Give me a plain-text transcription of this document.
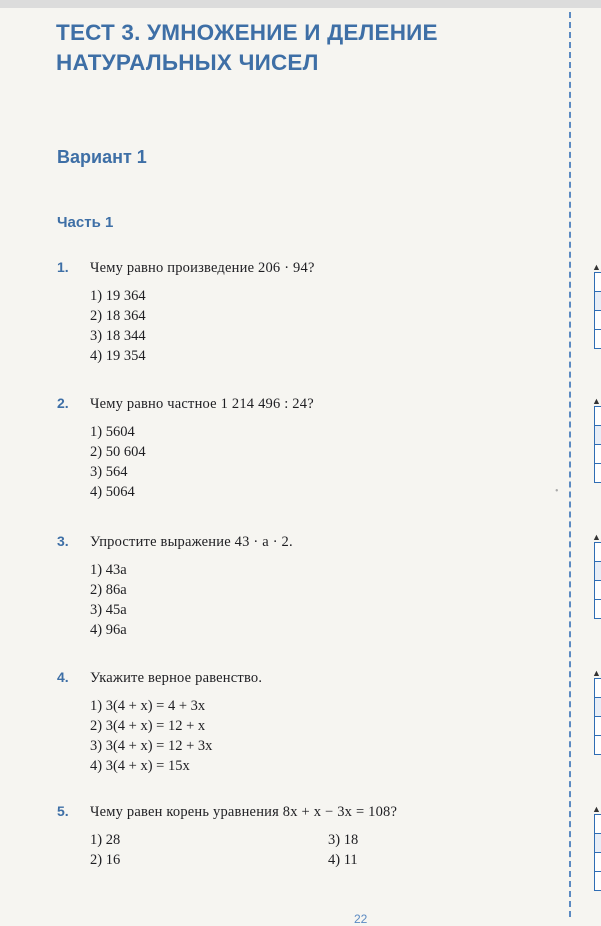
ТЕСТ 3. УМНОЖЕНИЕ И ДЕЛЕНИЕ
НАТУРАЛЬНЫХ ЧИСЕЛ
Вариант 1
Часть 1
1.	Чему равно произведение 206 · 94?
1) 19 364
2) 18 364
3) 18 344
4) 19 354
2.	Чему равно частное 1 214 496 : 24?
1) 5604
2) 50 604
3) 564
4) 5064
3.	Упростите выражение 43 · a · 2.
1) 43a
2) 86a
3) 45a
4) 96a
4.	Укажите верное равенство.
1) 3(4 + x) = 4 + 3x
2) 3(4 + x) = 12 + x
3) 3(4 + x) = 12 + 3x
4) 3(4 + x) = 15x
5.	Чему равен корень уравнения 8x + x − 3x = 108?
1) 28	3) 18
2) 16	4) 11
•
▲
▲
▲
▲
▲
22
